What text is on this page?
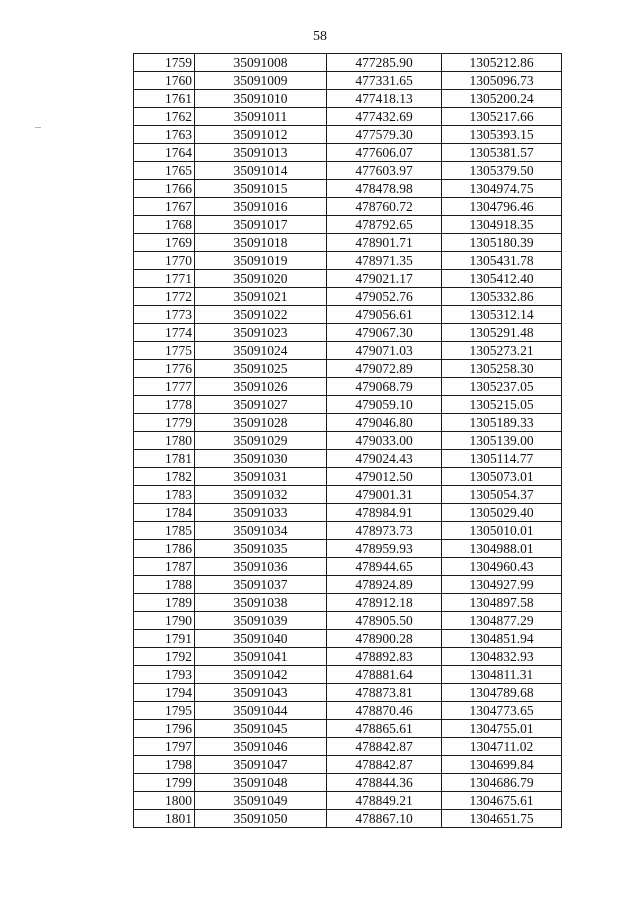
58
1759	35091008	477285.90	1305212.86
1760	35091009	477331.65	1305096.73
1761	35091010	477418.13	1305200.24
1762	35091011	477432.69	1305217.66
1763	35091012	477579.30	1305393.15
1764	35091013	477606.07	1305381.57
1765	35091014	477603.97	1305379.50
1766	35091015	478478.98	1304974.75
1767	35091016	478760.72	1304796.46
1768	35091017	478792.65	1304918.35
1769	35091018	478901.71	1305180.39
1770	35091019	478971.35	1305431.78
1771	35091020	479021.17	1305412.40
1772	35091021	479052.76	1305332.86
1773	35091022	479056.61	1305312.14
1774	35091023	479067.30	1305291.48
1775	35091024	479071.03	1305273.21
1776	35091025	479072.89	1305258.30
1777	35091026	479068.79	1305237.05
1778	35091027	479059.10	1305215.05
1779	35091028	479046.80	1305189.33
1780	35091029	479033.00	1305139.00
1781	35091030	479024.43	1305114.77
1782	35091031	479012.50	1305073.01
1783	35091032	479001.31	1305054.37
1784	35091033	478984.91	1305029.40
1785	35091034	478973.73	1305010.01
1786	35091035	478959.93	1304988.01
1787	35091036	478944.65	1304960.43
1788	35091037	478924.89	1304927.99
1789	35091038	478912.18	1304897.58
1790	35091039	478905.50	1304877.29
1791	35091040	478900.28	1304851.94
1792	35091041	478892.83	1304832.93
1793	35091042	478881.64	1304811.31
1794	35091043	478873.81	1304789.68
1795	35091044	478870.46	1304773.65
1796	35091045	478865.61	1304755.01
1797	35091046	478842.87	1304711.02
1798	35091047	478842.87	1304699.84
1799	35091048	478844.36	1304686.79
1800	35091049	478849.21	1304675.61
1801	35091050	478867.10	1304651.75
